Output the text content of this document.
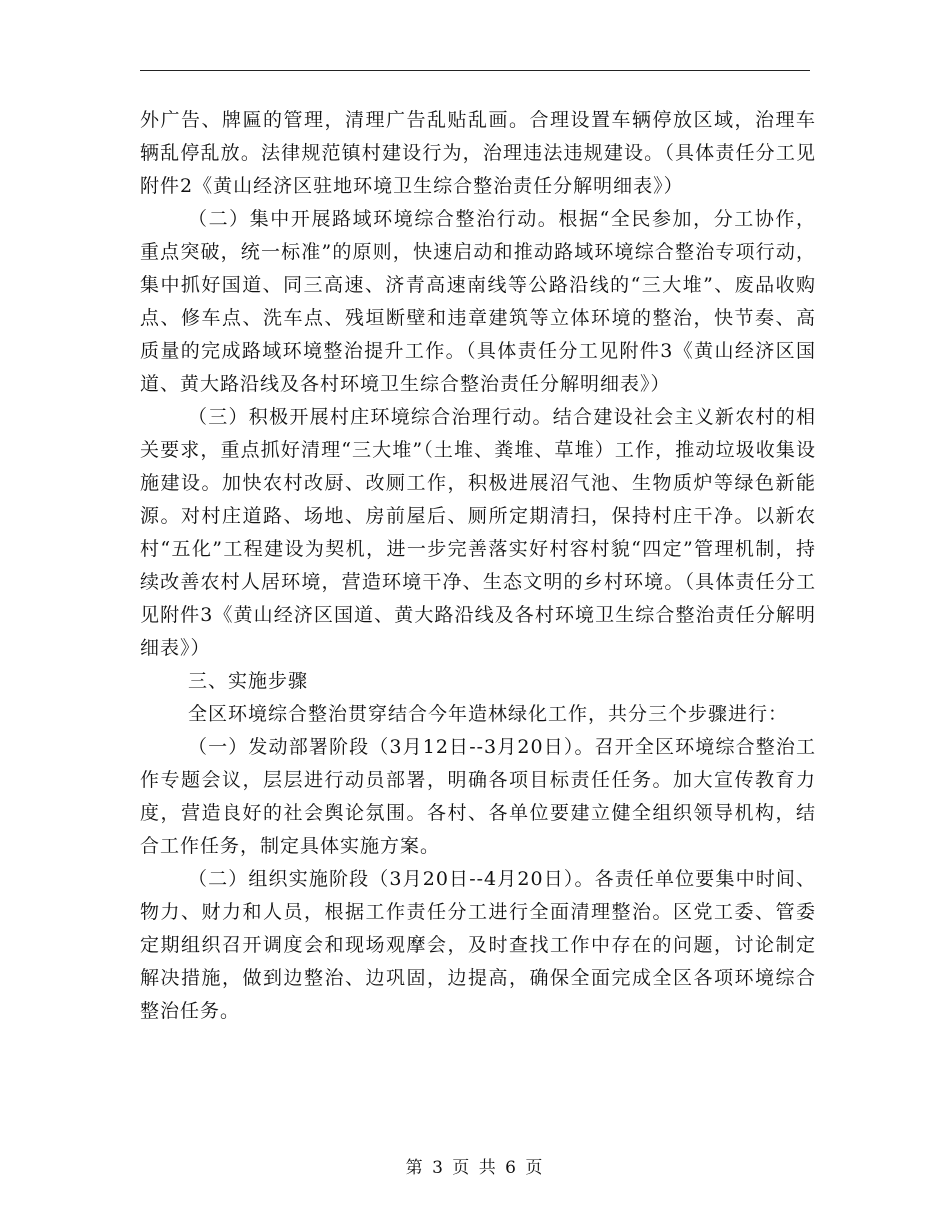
外广告、牌匾的管理，清理广告乱贴乱画。合理设置车辆停放区域，治理车辆乱停乱放。法律规范镇村建设行为，治理违法违规建设。（具体责任分工见附件2《黄山经济区驻地环境卫生综合整治责任分解明细表》）

（二）集中开展路域环境综合整治行动。根据“全民参加，分工协作，重点突破，统一标准”的原则，快速启动和推动路域环境综合整治专项行动，集中抓好国道、同三高速、济青高速南线等公路沿线的“三大堆”、废品收购点、修车点、洗车点、残垣断壁和违章建筑等立体环境的整治，快节奏、高质量的完成路域环境整治提升工作。（具体责任分工见附件3《黄山经济区国道、黄大路沿线及各村环境卫生综合整治责任分解明细表》）

（三）积极开展村庄环境综合治理行动。结合建设社会主义新农村的相关要求，重点抓好清理“三大堆”（土堆、粪堆、草堆）工作，推动垃圾收集设施建设。加快农村改厨、改厕工作，积极进展沼气池、生物质炉等绿色新能源。对村庄道路、场地、房前屋后、厕所定期清扫，保持村庄干净。以新农村“五化”工程建设为契机，进一步完善落实好村容村貌“四定”管理机制，持续改善农村人居环境，营造环境干净、生态文明的乡村环境。（具体责任分工见附件3《黄山经济区国道、黄大路沿线及各村环境卫生综合整治责任分解明细表》）

三、实施步骤

全区环境综合整治贯穿结合今年造林绿化工作，共分三个步骤进行：

（一）发动部署阶段（3月12日--3月20日）。召开全区环境综合整治工作专题会议，层层进行动员部署，明确各项目标责任任务。加大宣传教育力度，营造良好的社会舆论氛围。各村、各单位要建立健全组织领导机构，结合工作任务，制定具体实施方案。

（二）组织实施阶段（3月20日--4月20日）。各责任单位要集中时间、物力、财力和人员，根据工作责任分工进行全面清理整治。区党工委、管委定期组织召开调度会和现场观摩会，及时查找工作中存在的问题，讨论制定解决措施，做到边整治、边巩固，边提高，确保全面完成全区各项环境综合整治任务。

第 3 页 共 6 页
